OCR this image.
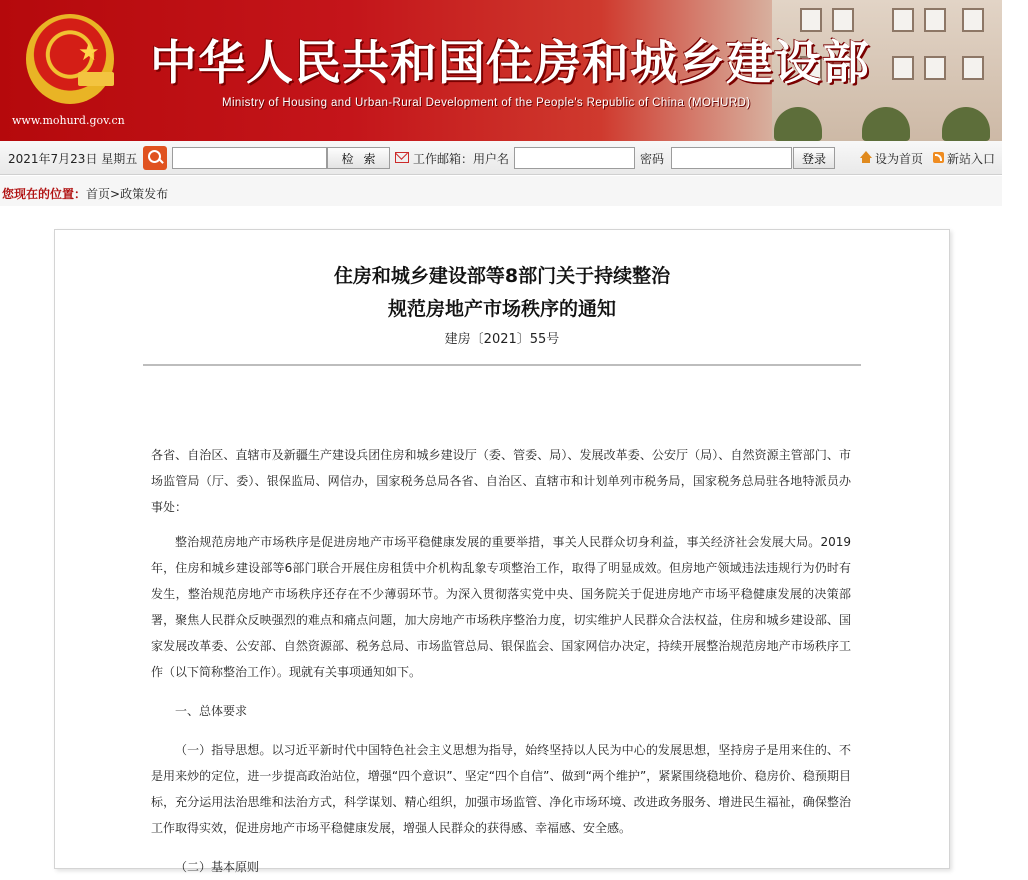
★ 中华人民共和国住房和城乡建设部
Ministry of Housing and Urban-Rural Development of the People's Republic of China (MOHURD)
www.mohurd.gov.cn
2021年7月23日 星期五	检索	工作邮箱：用户名	密码	登录	设为首页 新站入口
您现在的位置：首页>政策发布
住房和城乡建设部等8部门关于持续整治
规范房地产市场秩序的通知
建房〔2021〕55号

各省、自治区、直辖市及新疆生产建设兵团住房和城乡建设厅（委、管委、局）、发展改革委、公安厅（局）、自然资源主管部门、市场监管局（厅、委）、银保监局、网信办，国家税务总局各省、自治区、直辖市和计划单列市税务局，国家税务总局驻各地特派员办事处：

整治规范房地产市场秩序是促进房地产市场平稳健康发展的重要举措，事关人民群众切身利益，事关经济社会发展大局。2019年，住房和城乡建设部等6部门联合开展住房租赁中介机构乱象专项整治工作，取得了明显成效。但房地产领域违法违规行为仍时有发生，整治规范房地产市场秩序还存在不少薄弱环节。为深入贯彻落实党中央、国务院关于促进房地产市场平稳健康发展的决策部署，聚焦人民群众反映强烈的难点和痛点问题，加大房地产市场秩序整治力度，切实维护人民群众合法权益，住房和城乡建设部、国家发展改革委、公安部、自然资源部、税务总局、市场监管总局、银保监会、国家网信办决定，持续开展整治规范房地产市场秩序工作（以下简称整治工作）。现就有关事项通知如下。

一、总体要求

（一）指导思想。以习近平新时代中国特色社会主义思想为指导，始终坚持以人民为中心的发展思想，坚持房子是用来住的、不是用来炒的定位，进一步提高政治站位，增强“四个意识”、坚定“四个自信”、做到“两个维护”，紧紧围绕稳地价、稳房价、稳预期目标，充分运用法治思维和法治方式，科学谋划、精心组织，加强市场监管、净化市场环境、改进政务服务、增进民生福祉，确保整治工作取得实效，促进房地产市场平稳健康发展，增强人民群众的获得感、幸福感、安全感。

（二）基本原则
